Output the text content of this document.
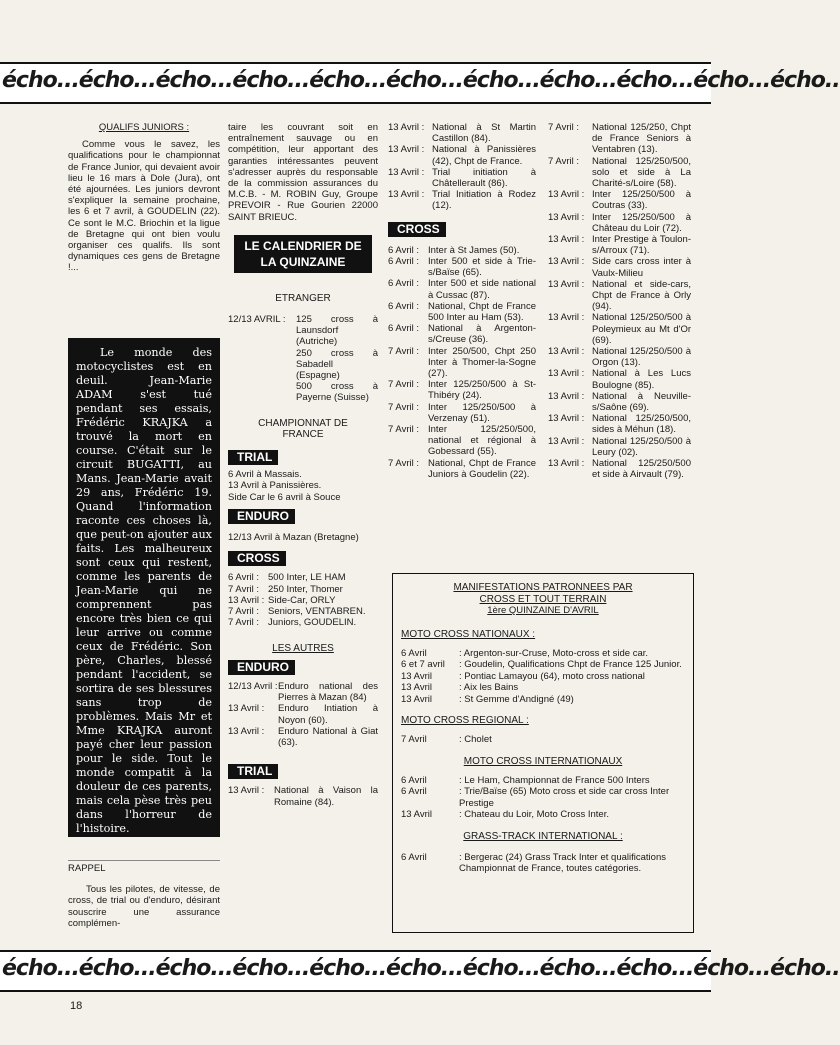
écho...écho...écho...écho...écho...écho...écho...écho...écho...écho...écho..
écho...écho...écho...écho...écho...écho...écho...écho...écho...écho...écho..
QUALIFS JUNIORS :
Comme vous le savez, les qualifications pour le championnat de France Junior, qui devaient avoir lieu le 16 mars à Dole (Jura), ont été ajournées. Les juniors devront s'expliquer la semaine prochaine, les 6 et 7 avril, à GOUDELIN (22). Ce sont le M.C. Briochin et la ligue de Bretagne qui ont bien voulu organiser ces qualifs. Ils sont dynamiques ces gens de Bretagne !...
Le monde des motocyclistes est en deuil. Jean-Marie ADAM s'est tué pendant ses essais, Frédéric KRAJKA a trouvé la mort en course. C'était sur le circuit BUGATTI, au Mans. Jean-Marie avait 29 ans, Frédéric 19. Quand l'information raconte ces choses là, que peut-on ajouter aux faits. Les malheureux sont ceux qui restent, comme les parents de Jean-Marie qui ne comprennent pas encore très bien ce qui leur arrive ou comme ceux de Frédéric. Son père, Charles, blessé pendant l'accident, se sortira de ses blessures sans trop de problèmes. Mais Mr et Mme KRAJKA auront payé cher leur passion pour le side. Tout le monde compatit à la douleur de ces parents, mais cela pèse très peu dans l'horreur de l'histoire.
RAPPEL
Tous les pilotes, de vitesse, de cross, de trial ou d'enduro, désirant souscrire une assurance complémen-
taire les couvrant soit en entraînement sauvage ou en compétition, leur apportant des garanties intéressantes peuvent s'adresser auprès du responsable de la commission assurances du M.C.B. - M. ROBIN Guy, Groupe PREVOIR - Rue Gourien 22000 SAINT BRIEUC.
LE CALENDRIER DE LA QUINZAINE
ETRANGER
12/13 AVRIL :	125 cross à Launsdorf (Autriche)
250 cross à Sabadell (Espagne)
500 cross à Payerne (Suisse)
CHAMPIONNAT DE FRANCE
TRIAL
6 Avril à Massais.
13 Avril à Panissières.
Side Car le 6 avril à Souce
ENDURO
12/13 Avril à Mazan (Bretagne)
CROSS
6 Avril : 500 Inter, LE HAM
7 Avril : 250 Inter, Thomer
13 Avril : Side-Car, ORLY
7 Avril : Seniors, VENTABREN.
7 Avril : Juniors, GOUDELIN.
LES AUTRES
ENDURO
12/13 Avril : Enduro national des Pierres à Mazan (84)
13 Avril :	Enduro Intiation à Noyon (60).
13 Avril :	Enduro National à Giat (63).
TRIAL
13 Avril :	National à Vaison la Romaine (84).
13 Avril : National à St Martin Castillon (84).
13 Avril : National à Panissières (42), Chpt de France.
13 Avril : Trial initiation à Châtellerault (86).
13 Avril : Trial Initiation à Rodez (12).
CROSS
6 Avril : Inter à St James (50).
6 Avril : Inter 500 et side à Trie-s/Baïse (65).
6 Avril : Inter 500 et side national à Cussac (87).
6 Avril : National, Chpt de France 500 Inter au Ham (53).
6 Avril : National à Argenton-s/Creuse (36).
7 Avril : Inter 250/500, Chpt 250 Inter à Thomer-la-Sogne (27).
7 Avril : Inter 125/250/500 à St-Thibéry (24).
7 Avril : Inter 125/250/500 à Verzenay (51).
7 Avril : Inter 125/250/500, national et régional à Gobessard (55).
7 Avril : National, Chpt de France Juniors à Goudelin (22).
7 Avril :	National 125/250, Chpt de France Seniors à Ventabren (13).
7 Avril :	National 125/250/500, solo et side à La Charité-s/Loire (58).
13 Avril : Inter 125/250/500 à Coutras (33).
13 Avril : Inter 125/250/500 à Château du Loir (72).
13 Avril : Inter Prestige à Toulon-s/Arroux (71).
13 Avril : Side cars cross inter à Vaulx-Milieu
13 Avril : National et side-cars, Chpt de France à Orly (94).
13 Avril : National 125/250/500 à Poleymieux au Mt d'Or (69).
13 Avril : National 125/250/500 à Orgon (13).
13 Avril : National à Les Lucs Boulogne (85).
13 Avril : National à Neuville-s/Saône (69).
13 Avril : National 125/250/500, sides à Méhun (18).
13 Avril : National 125/250/500 à Leury (02).
13 Avril : National 125/250/500 et side à Airvault (79).
MANIFESTATIONS PATRONNEES PAR
CROSS ET TOUT TERRAIN
1ère QUINZAINE D'AVRIL
MOTO CROSS NATIONAUX :
6 Avril	: Argenton-sur-Cruse, Moto-cross et side car.
6 et 7 avril	: Goudelin, Qualifications Chpt de France 125 Junior.
13 Avril	: Pontiac Lamayou (64), moto cross national
13 Avril	: Aix les Bains
13 Avril	: St Gemme d'Andigné (49)
MOTO CROSS REGIONAL :
7 Avril	: Cholet
MOTO CROSS INTERNATIONAUX
6 Avril	: Le Ham, Championnat de France 500 Inters
6 Avril	: Trie/Baïse (65) Moto cross et side car cross Inter Prestige
13 Avril	: Chateau du Loir, Moto Cross Inter.
GRASS-TRACK INTERNATIONAL :
6 Avril	: Bergerac (24) Grass Track Inter et qualifications Championnat de France, toutes catégories.
18
